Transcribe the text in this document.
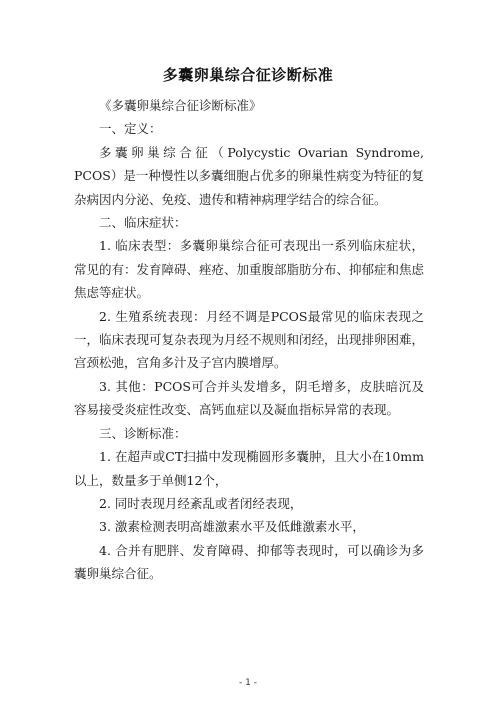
多囊卵巢综合征诊断标准

《多囊卵巢综合征诊断标准》

一、定义：

多囊卵巢综合征（Polycystic Ovarian Syndrome, PCOS）是一种慢性以多囊细胞占优多的卵巢性病变为特征的复杂病因内分泌、免疫、遗传和精神病理学结合的综合征。

二、临床症状：

1. 临床表型：多囊卵巢综合征可表现出一系列临床症状，常见的有：发育障碍、痤疮、加重腹部脂肪分布、抑郁症和焦虑焦虑等症状。

2. 生殖系统表现：月经不调是PCOS最常见的临床表现之一，临床表现可复杂表现为月经不规则和闭经，出现排卵困难，宫颈松弛，宫角多汁及子宫内膜增厚。

3. 其他：PCOS可合并头发增多，阴毛增多，皮肤暗沉及容易接受炎症性改变、高钙血症以及凝血指标异常的表现。

三、诊断标准：

1. 在超声或CT扫描中发现椭圆形多囊肿，且大小在10mm以上，数量多于单侧12个，

2. 同时表现月经紊乱或者闭经表现，

3. 激素检测表明高雄激素水平及低雌激素水平，

4. 合并有肥胖、发育障碍、抑郁等表现时，可以确诊为多囊卵巢综合征。

- 1 -
